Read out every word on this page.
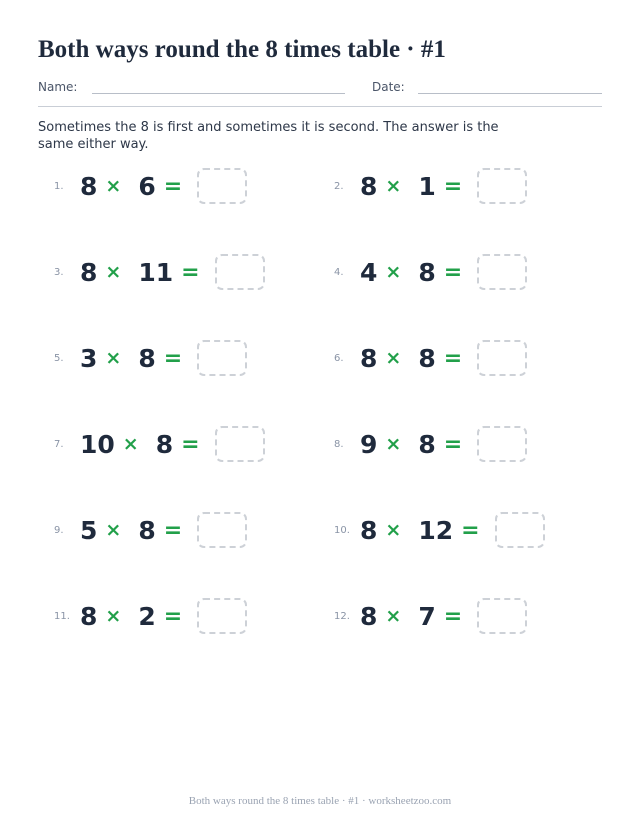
Both ways round the 8 times table · #1
Name:	Date:

Sometimes the 8 is first and sometimes it is second. The answer is the same either way.

1. 8 × 6 =	2. 8 × 1 =
3. 8 × 11 =	4. 4 × 8 =
5. 3 × 8 =	6. 8 × 8 =
7. 10 × 8 =	8. 9 × 8 =
9. 5 × 8 =	10. 8 × 12 =
11. 8 × 2 =	12. 8 × 7 =
Both ways round the 8 times table · #1 · worksheetzoo.com
